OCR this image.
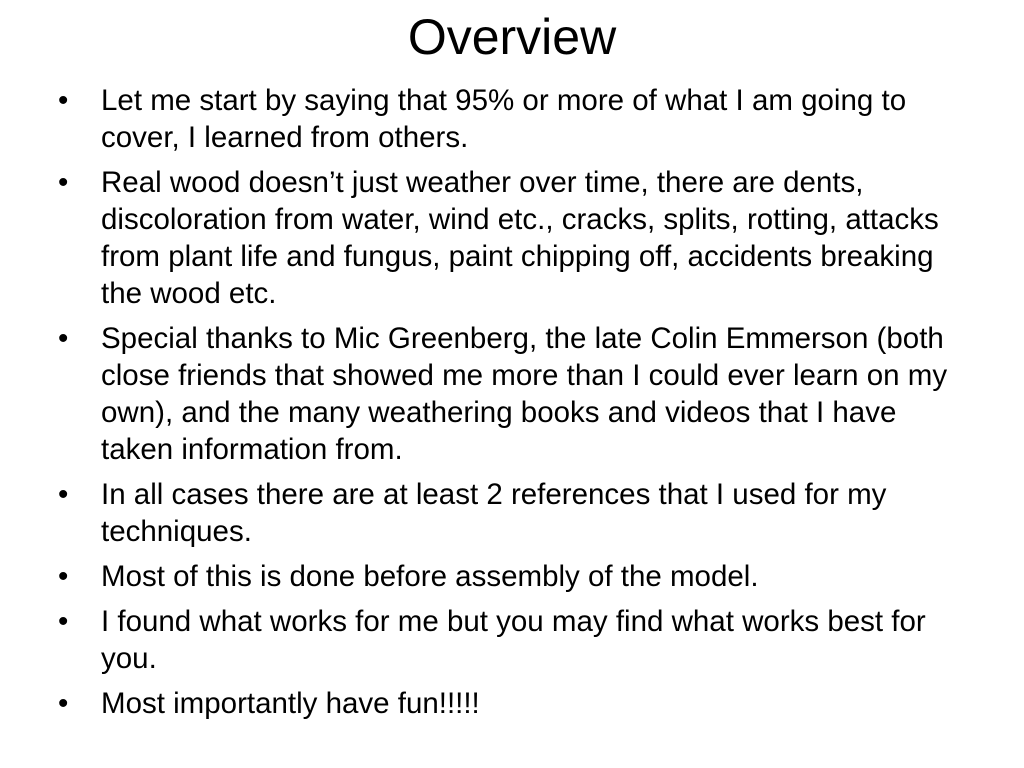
Overview
•	Let me start by saying that 95% or more of what I am going to cover, I learned from others.
•	Real wood doesn’t just weather over time, there are dents, discoloration from water, wind etc., cracks, splits, rotting, attacks from plant life and fungus, paint chipping off, accidents breaking the wood etc.
•	Special thanks to Mic Greenberg, the late Colin Emmerson (both close friends that showed me more than I could ever learn on my own), and the many weathering books and videos that I have taken information from.
•	In all cases there are at least 2 references that I used for my techniques.
•	Most of this is done before assembly of the model.
•	I found what works for me but you may find what works best for you.
•	Most importantly have fun!!!!!
